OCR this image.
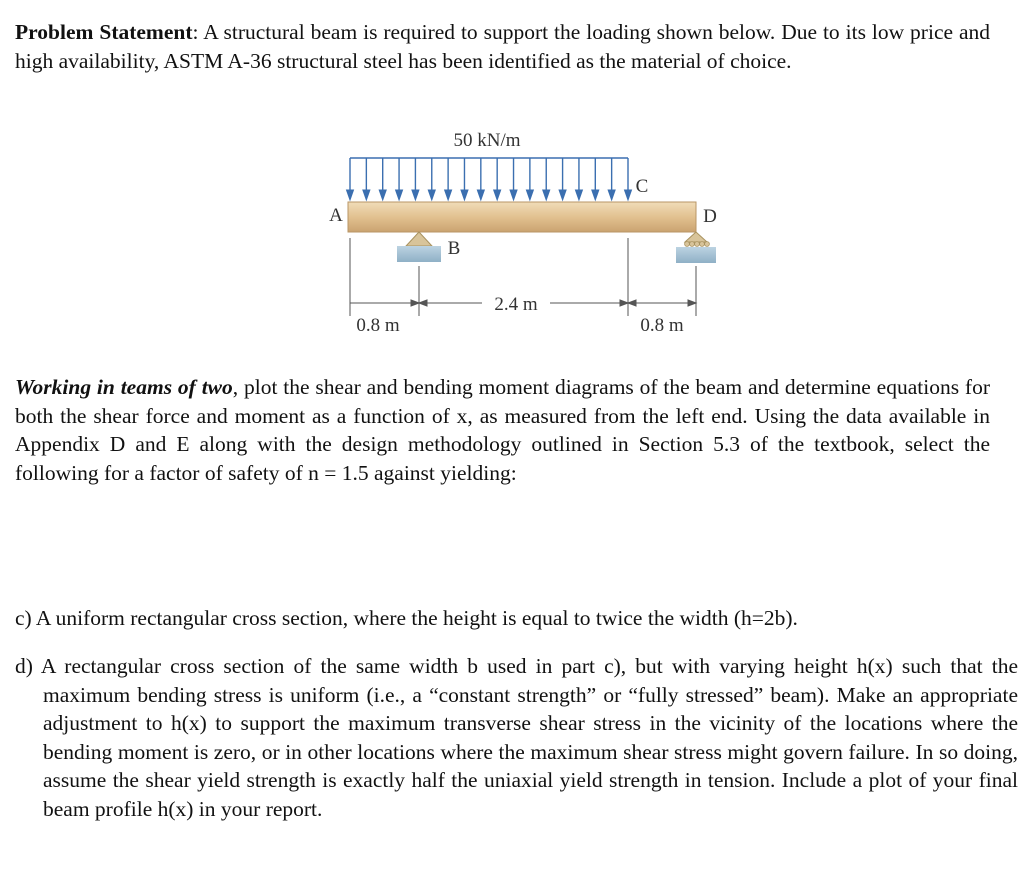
Problem Statement: A structural beam is required to support the loading shown below. Due to its low price and high availability, ASTM A-36 structural steel has been identified as the material of choice.

50 kN/m
A
C
D
B
2.4 m
0.8 m	0.8 m

Working in teams of two, plot the shear and bending moment diagrams of the beam and determine equations for both the shear force and moment as a function of x, as measured from the left end. Using the data available in Appendix D and E along with the design methodology outlined in Section 5.3 of the textbook, select the following for a factor of safety of n = 1.5 against yielding:

c) A uniform rectangular cross section, where the height is equal to twice the width (h=2b).

d) A rectangular cross section of the same width b used in part c), but with varying height h(x) such that the maximum bending stress is uniform (i.e., a “constant strength” or “fully stressed” beam). Make an appropriate adjustment to h(x) to support the maximum transverse shear stress in the vicinity of the locations where the bending moment is zero, or in other locations where the maximum shear stress might govern failure. In so doing, assume the shear yield strength is exactly half the uniaxial yield strength in tension. Include a plot of your final beam profile h(x) in your report.
